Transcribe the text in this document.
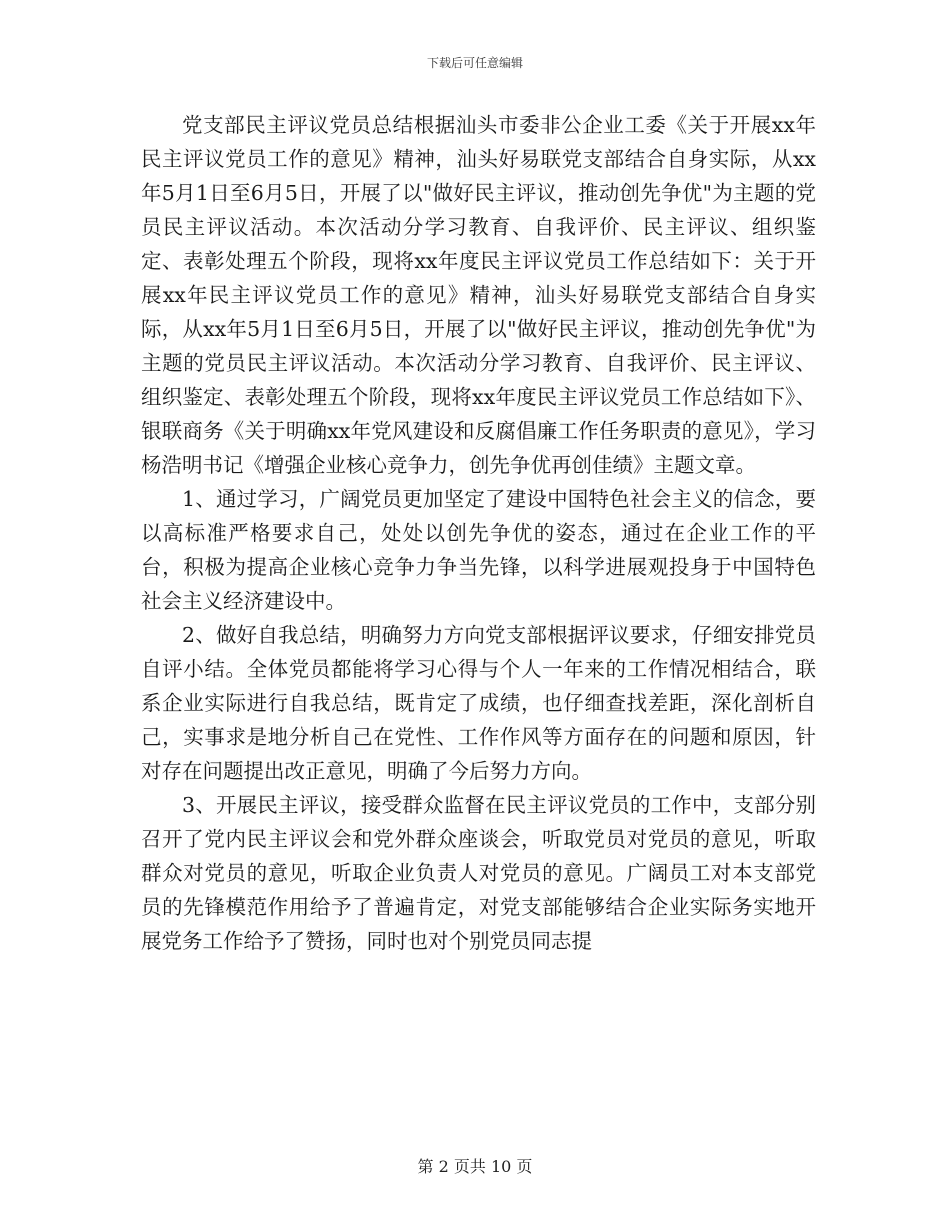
下载后可任意编辑

党支部民主评议党员总结根据汕头市委非公企业工委《关于开展xx年民主评议党员工作的意见》精神，汕头好易联党支部结合自身实际，从xx年5月1日至6月5日，开展了以"做好民主评议，推动创先争优"为主题的党员民主评议活动。本次活动分学习教育、自我评价、民主评议、组织鉴定、表彰处理五个阶段，现将xx年度民主评议党员工作总结如下：关于开展xx年民主评议党员工作的意见》精神，汕头好易联党支部结合自身实际，从xx年5月1日至6月5日，开展了以"做好民主评议，推动创先争优"为主题的党员民主评议活动。本次活动分学习教育、自我评价、民主评议、组织鉴定、表彰处理五个阶段，现将xx年度民主评议党员工作总结如下》、银联商务《关于明确xx年党风建设和反腐倡廉工作任务职责的意见》，学习杨浩明书记《增强企业核心竞争力，创先争优再创佳绩》主题文章。

1、通过学习，广阔党员更加坚定了建设中国特色社会主义的信念，要以高标准严格要求自己，处处以创先争优的姿态，通过在企业工作的平台，积极为提高企业核心竞争力争当先锋，以科学进展观投身于中国特色社会主义经济建设中。

2、做好自我总结，明确努力方向党支部根据评议要求，仔细安排党员自评小结。全体党员都能将学习心得与个人一年来的工作情况相结合，联系企业实际进行自我总结，既肯定了成绩，也仔细查找差距，深化剖析自己，实事求是地分析自己在党性、工作作风等方面存在的问题和原因，针对存在问题提出改正意见，明确了今后努力方向。

3、开展民主评议，接受群众监督在民主评议党员的工作中，支部分别召开了党内民主评议会和党外群众座谈会，听取党员对党员的意见，听取群众对党员的意见，听取企业负责人对党员的意见。广阔员工对本支部党员的先锋模范作用给予了普遍肯定，对党支部能够结合企业实际务实地开展党务工作给予了赞扬，同时也对个别党员同志提

第 2 页共 10 页
